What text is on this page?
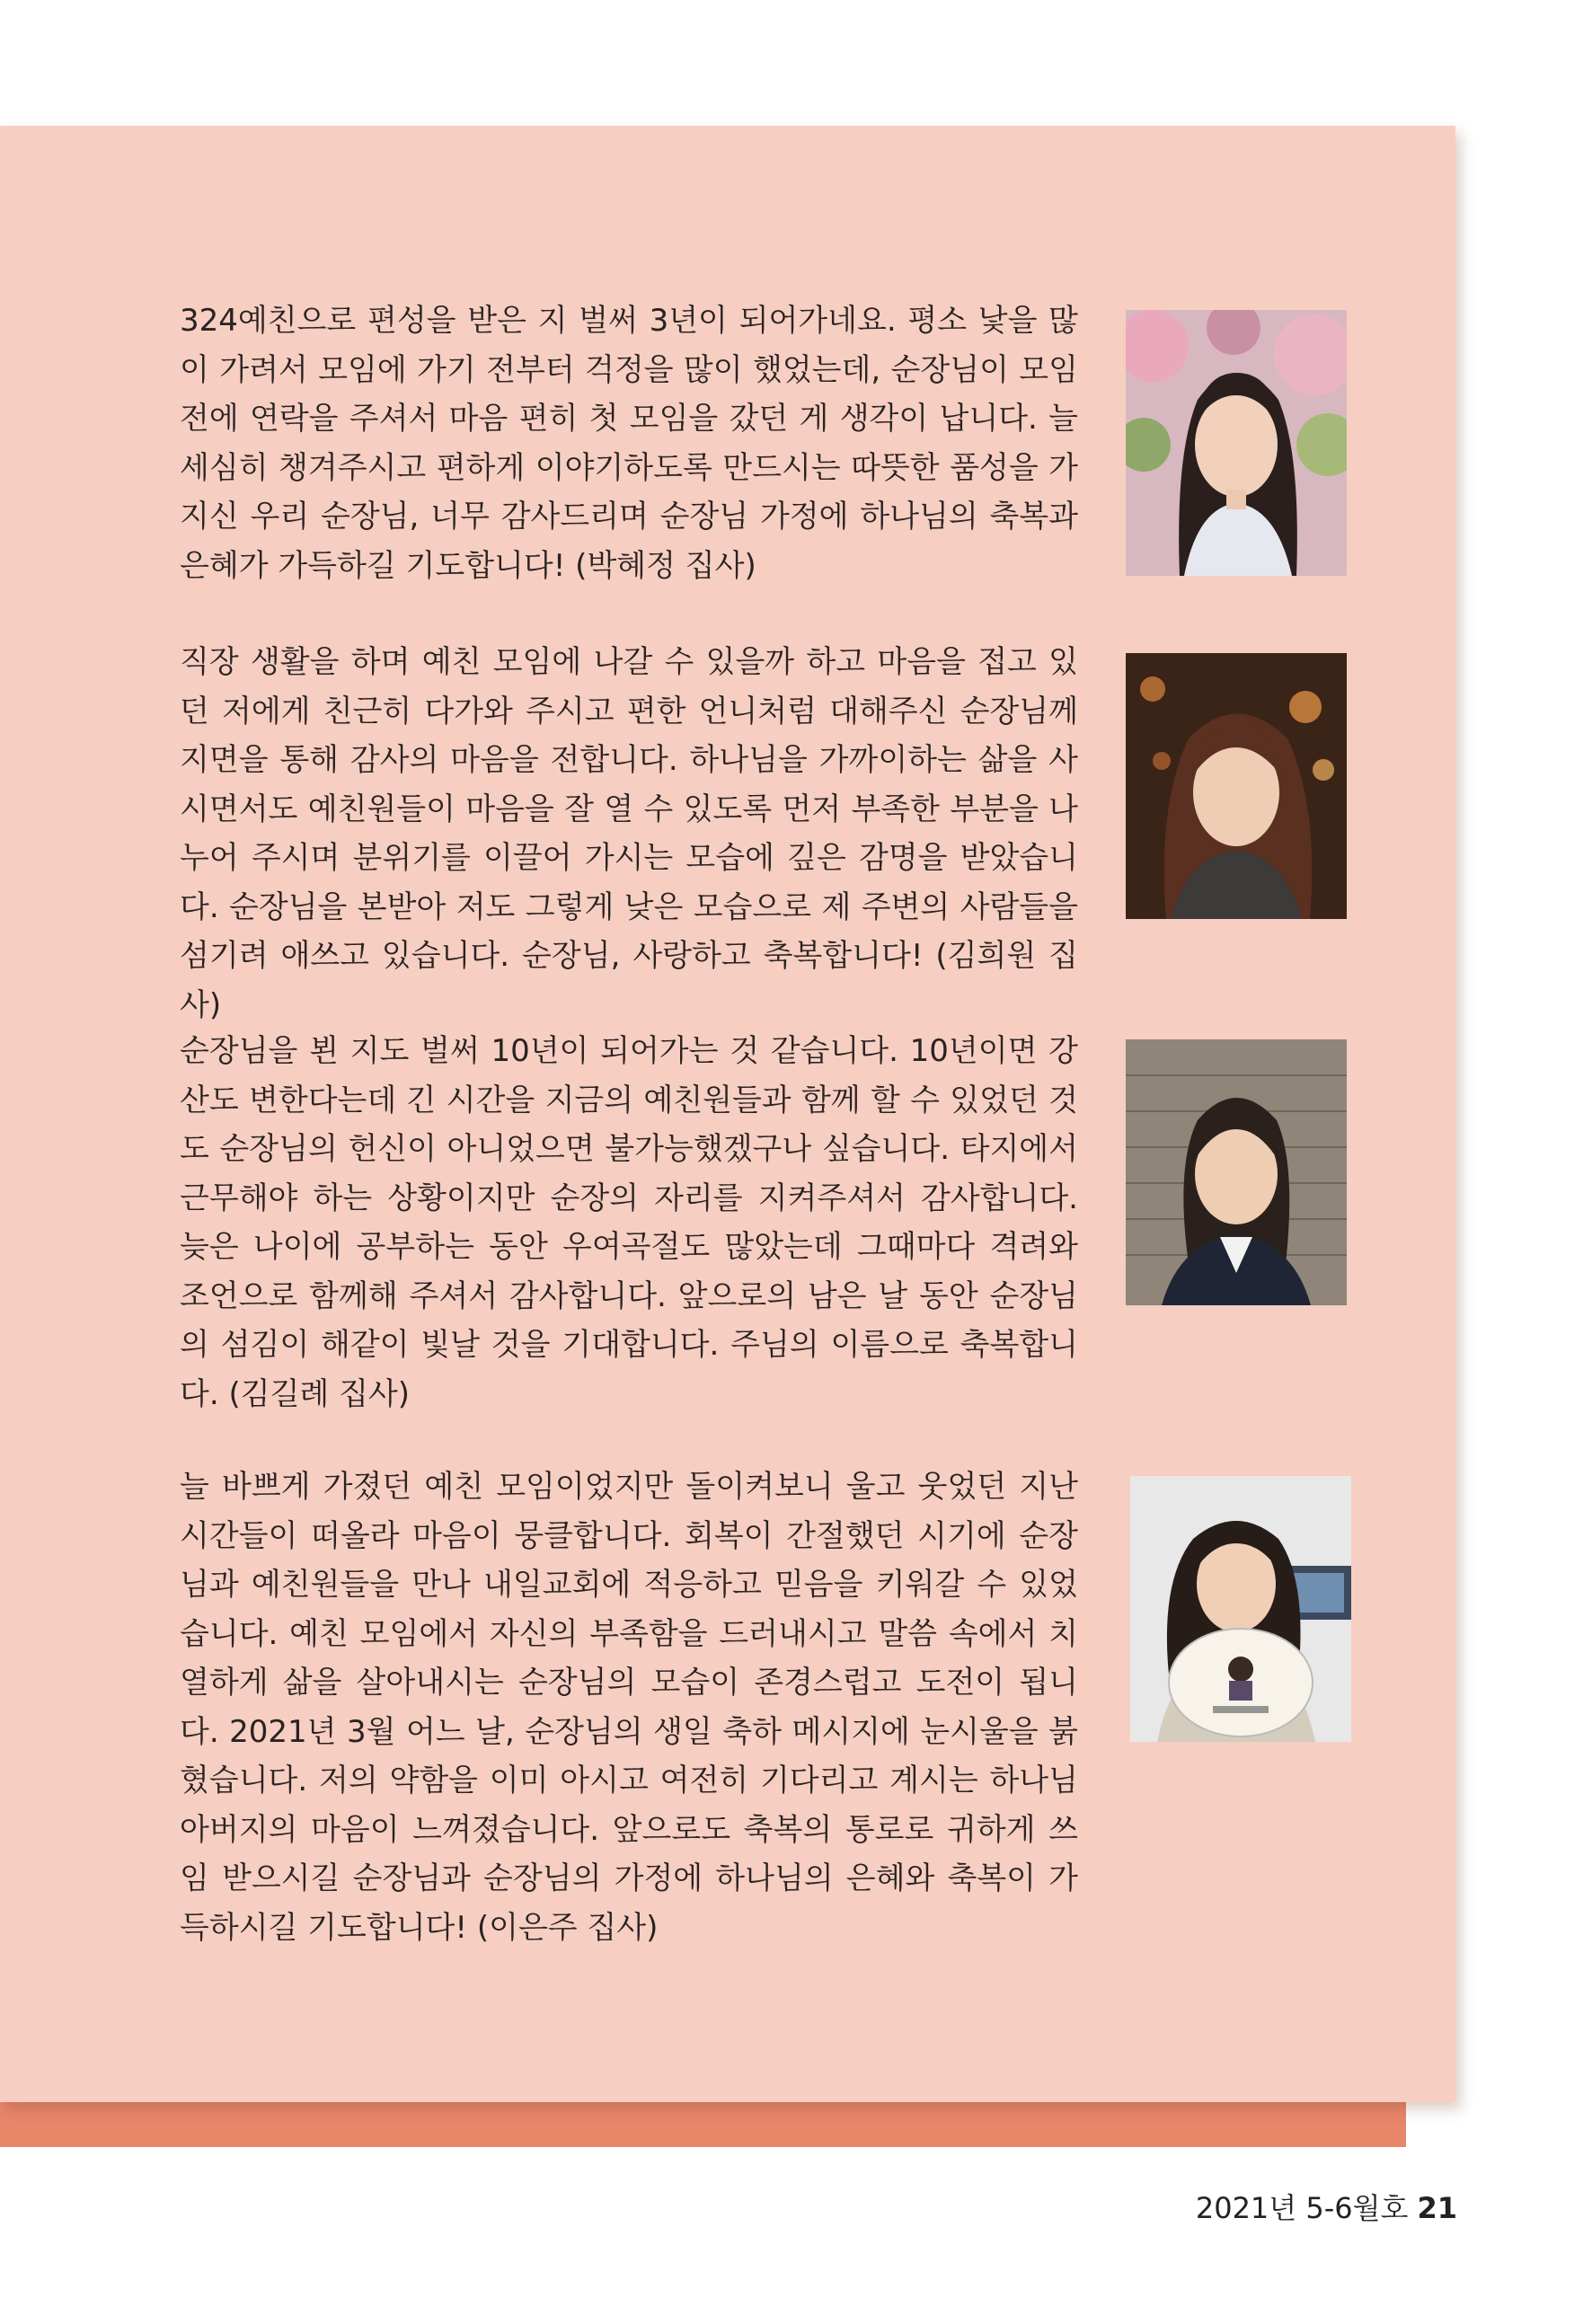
324예친으로 편성을 받은 지 벌써 3년이 되어가네요. 평소 낯을 많이 가려서 모임에 가기 전부터 걱정을 많이 했었는데, 순장님이 모임 전에 연락을 주셔서 마음 편히 첫 모임을 갔던 게 생각이 납니다. 늘 세심히 챙겨주시고 편하게 이야기하도록 만드시는 따뜻한 품성을 가지신 우리 순장님, 너무 감사드리며 순장님 가정에 하나님의 축복과 은혜가 가득하길 기도합니다! (박혜정 집사)

직장 생활을 하며 예친 모임에 나갈 수 있을까 하고 마음을 접고 있던 저에게 친근히 다가와 주시고 편한 언니처럼 대해주신 순장님께 지면을 통해 감사의 마음을 전합니다. 하나님을 가까이하는 삶을 사시면서도 예친원들이 마음을 잘 열 수 있도록 먼저 부족한 부분을 나누어 주시며 분위기를 이끌어 가시는 모습에 깊은 감명을 받았습니다. 순장님을 본받아 저도 그렇게 낮은 모습으로 제 주변의 사람들을 섬기려 애쓰고 있습니다. 순장님, 사랑하고 축복합니다! (김희원 집사)

순장님을 뵌 지도 벌써 10년이 되어가는 것 같습니다. 10년이면 강산도 변한다는데 긴 시간을 지금의 예친원들과 함께 할 수 있었던 것도 순장님의 헌신이 아니었으면 불가능했겠구나 싶습니다. 타지에서 근무해야 하는 상황이지만 순장의 자리를 지켜주셔서 감사합니다. 늦은 나이에 공부하는 동안 우여곡절도 많았는데 그때마다 격려와 조언으로 함께해 주셔서 감사합니다. 앞으로의 남은 날 동안 순장님의 섬김이 해같이 빛날 것을 기대합니다. 주님의 이름으로 축복합니다. (김길례 집사)

늘 바쁘게 가졌던 예친 모임이었지만 돌이켜보니 울고 웃었던 지난 시간들이 떠올라 마음이 뭉클합니다. 회복이 간절했던 시기에 순장님과 예친원들을 만나 내일교회에 적응하고 믿음을 키워갈 수 있었습니다. 예친 모임에서 자신의 부족함을 드러내시고 말씀 속에서 치열하게 삶을 살아내시는 순장님의 모습이 존경스럽고 도전이 됩니다. 2021년 3월 어느 날, 순장님의 생일 축하 메시지에 눈시울을 붉혔습니다. 저의 약함을 이미 아시고 여전히 기다리고 계시는 하나님 아버지의 마음이 느껴졌습니다. 앞으로도 축복의 통로로 귀하게 쓰임 받으시길 순장님과 순장님의 가정에 하나님의 은혜와 축복이 가득하시길 기도합니다! (이은주 집사)

2021년 5-6월호 21
